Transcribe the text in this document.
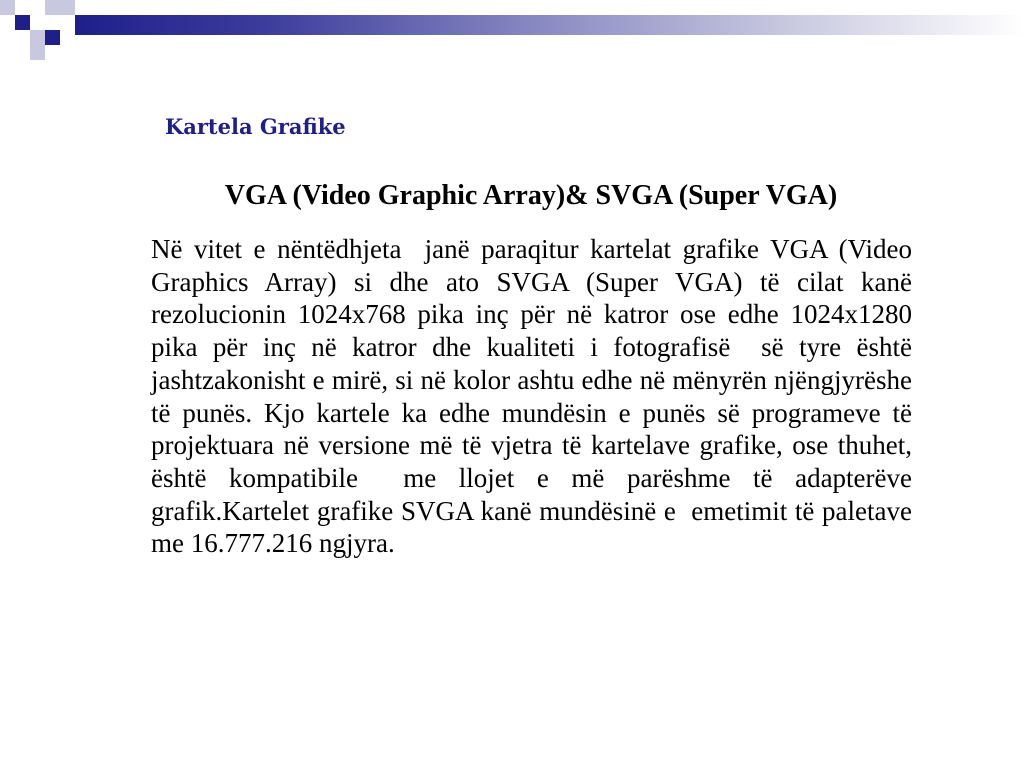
Kartela Grafike
VGA (Video Graphic Array)& SVGA (Super VGA)

Në vitet e nëntëdhjeta  janë paraqitur kartelat grafike VGA (Video Graphics Array) si dhe ato SVGA (Super VGA) të cilat kanë rezolucionin 1024x768 pika inç për në katror ose edhe 1024x1280 pika për inç në katror dhe kualiteti i fotografisë  së tyre është jashtzakonisht e mirë, si në kolor ashtu edhe në mënyrën njëngjyrëshe të punës. Kjo kartele ka edhe mundësin e punës së programeve të projektuara në versione më të vjetra të kartelave grafike, ose thuhet, është kompatibile  me llojet e më parëshme të adapterëve grafik.Kartelet grafike SVGA kanë mundësinë e  emetimit të paletave me 16.777.216 ngjyra.
